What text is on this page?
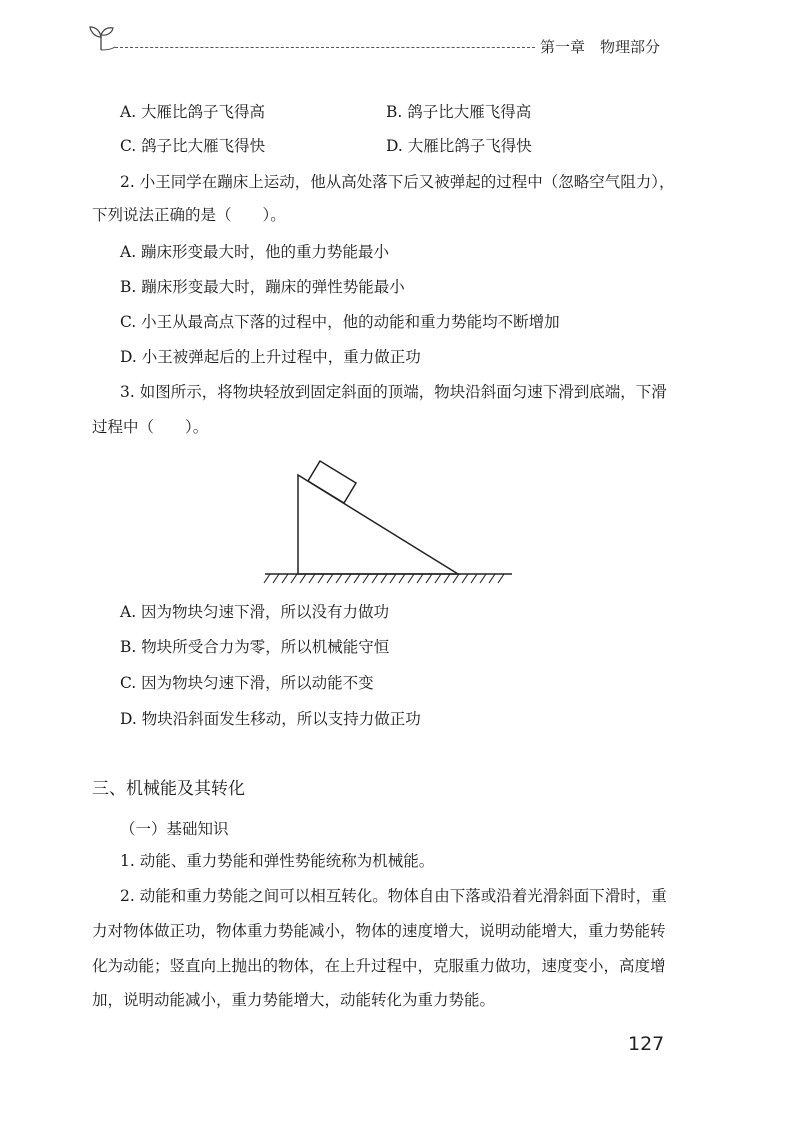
第一章　物理部分
A. 大雁比鸽子飞得高	B. 鸽子比大雁飞得高
C. 鸽子比大雁飞得快	D. 大雁比鸽子飞得快
2. 小王同学在蹦床上运动，他从高处落下后又被弹起的过程中（忽略空气阻力），
下列说法正确的是（　　）。
A. 蹦床形变最大时，他的重力势能最小
B. 蹦床形变最大时，蹦床的弹性势能最小
C. 小王从最高点下落的过程中，他的动能和重力势能均不断增加
D. 小王被弹起后的上升过程中，重力做正功
3. 如图所示，将物块轻放到固定斜面的顶端，物块沿斜面匀速下滑到底端，下滑
过程中（　　）。
A. 因为物块匀速下滑，所以没有力做功
B. 物块所受合力为零，所以机械能守恒
C. 因为物块匀速下滑，所以动能不变
D. 物块沿斜面发生移动，所以支持力做正功
三、机械能及其转化
（一）基础知识
1. 动能、重力势能和弹性势能统称为机械能。
2. 动能和重力势能之间可以相互转化。物体自由下落或沿着光滑斜面下滑时，重
力对物体做正功，物体重力势能减小，物体的速度增大，说明动能增大，重力势能转
化为动能；竖直向上抛出的物体，在上升过程中，克服重力做功，速度变小，高度增
加，说明动能减小，重力势能增大，动能转化为重力势能。
127
